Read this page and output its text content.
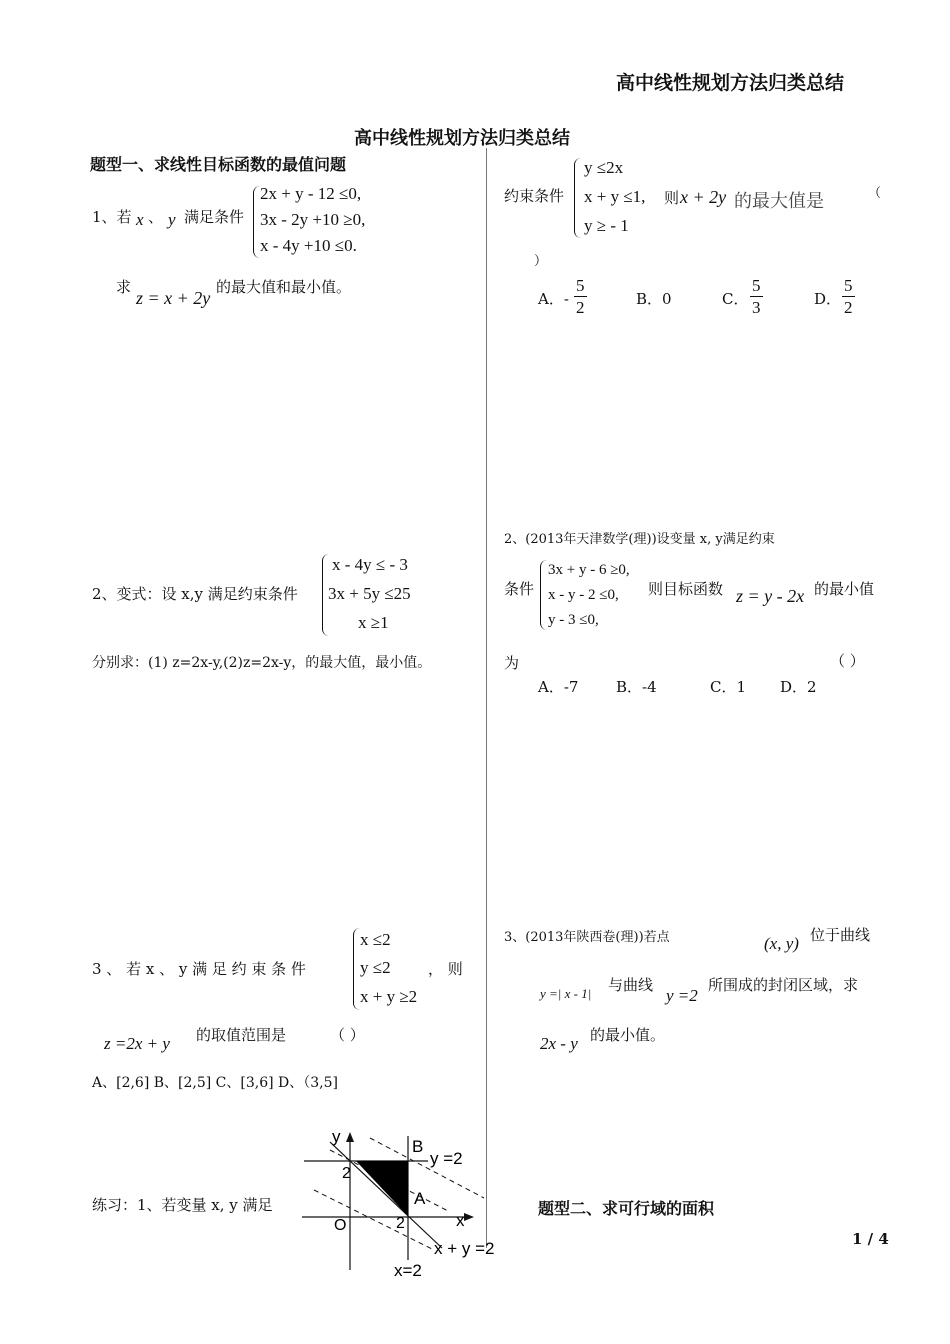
高中线性规划方法归类总结
高中线性规划方法归类总结
题型一、求线性目标函数的最值问题
1、若 x 、 y 满足条件
2x + y - 12 ≤0,
3x - 2y +10 ≥0,
x - 4y +10 ≤0.
求
z = x + 2y
的最大值和最小值。
2、变式：设 x,y 满足约束条件
x - 4y ≤ - 3
3x + 5y ≤25
x ≥1
分别求：(1) z=2x-y,(2)z=2x-y，的最大值，最小值。
3 、 若 x 、 y 满 足 约 束 条 件
x ≤2
y ≤2
x + y ≥2
， 则
z =2x + y 的取值范围是	（ ）
A、[2,6] B、[2,5] C、[3,6] D、（3,5]
练习：1、若变量 x, y 满足
y
x
O
2
2
B
A
y =2
x + y =2
x=2
约束条件
y ≤2x
x + y ≤1,
y ≥ - 1
则 x + 2y 的最大值是	（
）
A．- $\frac{5}{2}$	B．0	C． $\frac{5}{3}$	D． $\frac{5}{2}$
2、(2013年天津数学(理))设变量 x, y满足约束
条件
3x + y - 6 ≥0,
x - y - 2 ≤0,
y - 3 ≤0,
则目标函数 z = y - 2x 的最小值
为	（ ）
A．-7	B．-4	C．1 D．2
3、(2013年陕西卷(理))若点	(x, y) 位于曲线
y =| x - 1| 与曲线
y =2
所围成的封闭区域，求
2x - y 的最小值。
题型二、求可行域的面积
1 / 4
